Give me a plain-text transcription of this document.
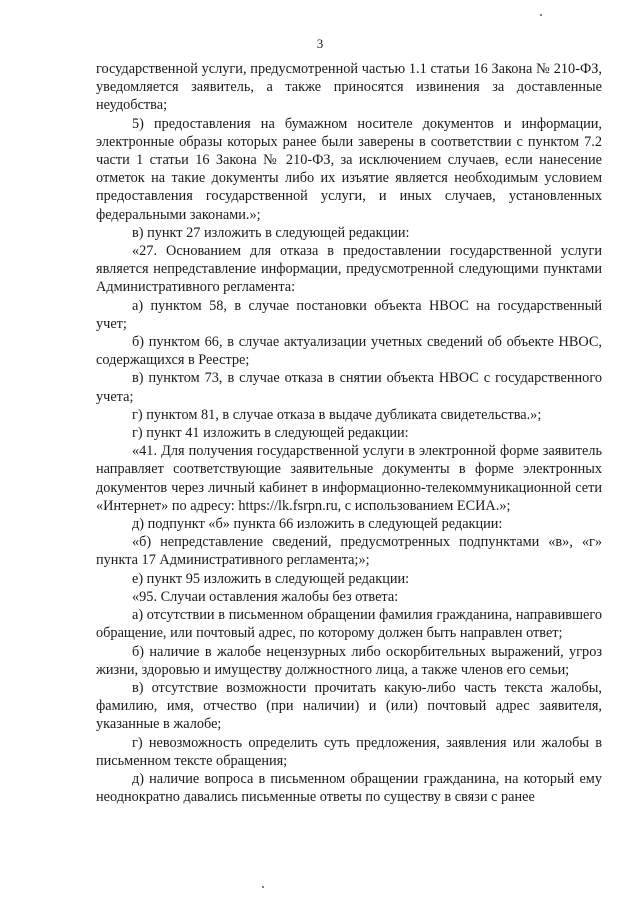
3

государственной услуги, предусмотренной частью 1.1 статьи 16 Закона № 210-ФЗ, уведомляется заявитель, а также приносятся извинения за доставленные неудобства;

5) предоставления на бумажном носителе документов и информации, электронные образы которых ранее были заверены в соответствии с пунктом 7.2 части 1 статьи 16 Закона № 210-ФЗ, за исключением случаев, если нанесение отметок на такие документы либо их изъятие является необходимым условием предоставления государственной услуги, и иных случаев, установленных федеральными законами.»;

в) пункт 27 изложить в следующей редакции:

«27. Основанием для отказа в предоставлении государственной услуги является непредставление информации, предусмотренной следующими пунктами Административного регламента:

а) пунктом 58, в случае постановки объекта НВОС на государственный учет;

б) пунктом 66, в случае актуализации учетных сведений об объекте НВОС, содержащихся в Реестре;

в) пунктом 73, в случае отказа в снятии объекта НВОС с государственного учета;

г) пунктом 81, в случае отказа в выдаче дубликата свидетельства.»;

г) пункт 41 изложить в следующей редакции:

«41. Для получения государственной услуги в электронной форме заявитель направляет соответствующие заявительные документы в форме электронных документов через личный кабинет в информационно-телекоммуникационной сети «Интернет» по адресу: https://lk.fsrpn.ru, с использованием ЕСИА.»;

д) подпункт «б» пункта 66 изложить в следующей редакции:

«б) непредставление сведений, предусмотренных подпунктами «в», «г» пункта 17 Административного регламента;»;

е) пункт 95 изложить в следующей редакции:

«95. Случаи оставления жалобы без ответа:

а) отсутствии в письменном обращении фамилия гражданина, направившего обращение, или почтовый адрес, по которому должен быть направлен ответ;

б) наличие в жалобе нецензурных либо оскорбительных выражений, угроз жизни, здоровью и имуществу должностного лица, а также членов его семьи;

в) отсутствие возможности прочитать какую-либо часть текста жалобы, фамилию, имя, отчество (при наличии) и (или) почтовый адрес заявителя, указанные в жалобе;

г) невозможность определить суть предложения, заявления или жалобы в письменном тексте обращения;

д) наличие вопроса в письменном обращении гражданина, на который ему неоднократно давались письменные ответы по существу в связи с ранее
